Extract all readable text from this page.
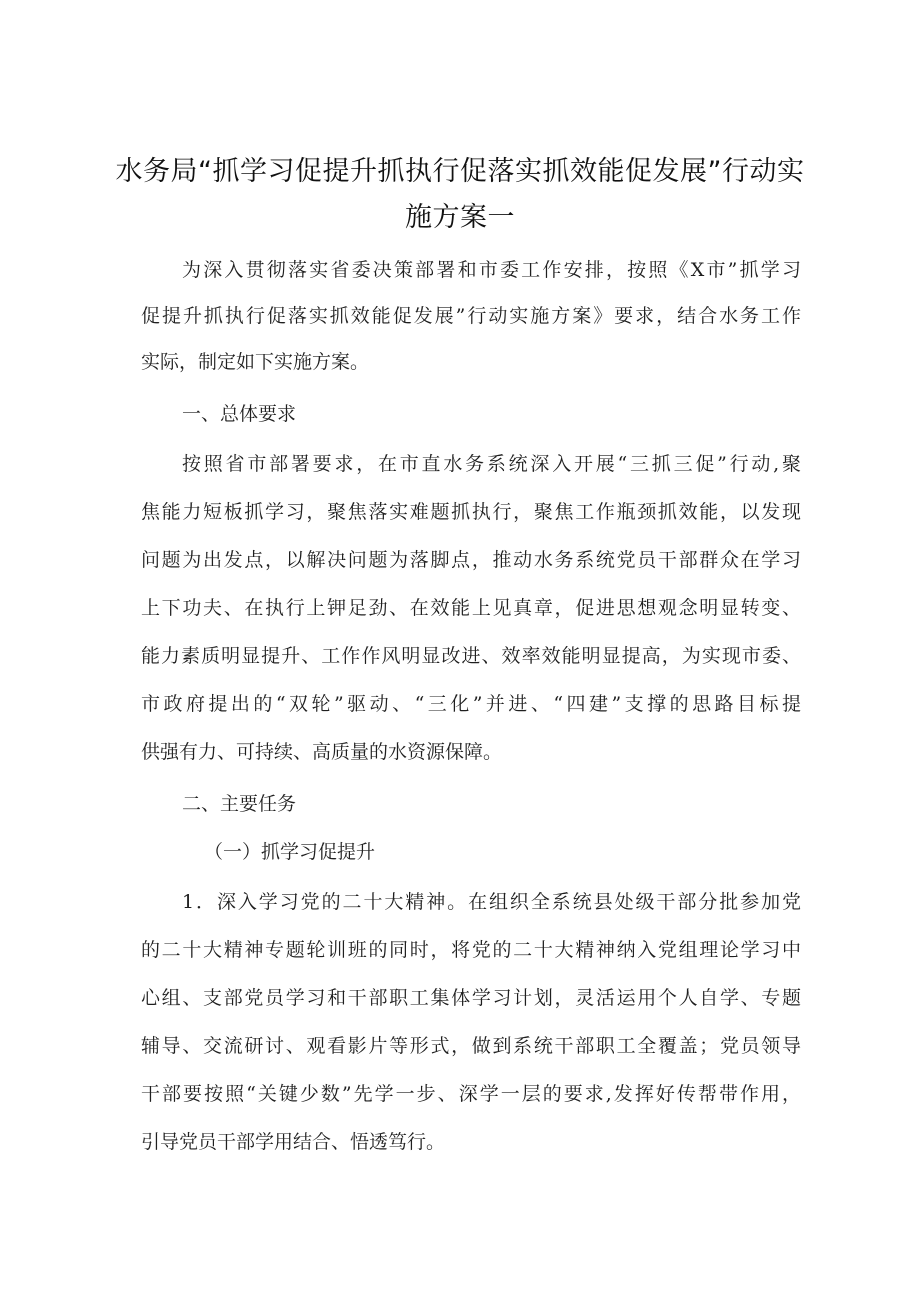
水务局“抓学习促提升抓执行促落实抓效能促发展”行动实
施方案一
为深入贯彻落实省委决策部署和市委工作安排，按照《X市”抓学习
促提升抓执行促落实抓效能促发展”行动实施方案》要求，结合水务工作
实际，制定如下实施方案。
一、总体要求
按照省市部署要求，在市直水务系统深入开展“三抓三促”行动,聚
焦能力短板抓学习，聚焦落实难题抓执行，聚焦工作瓶颈抓效能，以发现
问题为出发点，以解决问题为落脚点，推动水务系统党员干部群众在学习
上下功夫、在执行上钾足劲、在效能上见真章，促进思想观念明显转变、
能力素质明显提升、工作作风明显改进、效率效能明显提高，为实现市委、
市政府提出的“双轮”驱动、“三化”并进、“四建”支撑的思路目标提
供强有力、可持续、高质量的水资源保障。
二、主要任务
（一）抓学习促提升
1．深入学习党的二十大精神。在组织全系统县处级干部分批参加党
的二十大精神专题轮训班的同时，将党的二十大精神纳入党组理论学习中
心组、支部党员学习和干部职工集体学习计划，灵活运用个人自学、专题
辅导、交流研讨、观看影片等形式，做到系统干部职工全覆盖；党员领导
干部要按照“关键少数”先学一步、深学一层的要求,发挥好传帮带作用，
引导党员干部学用结合、悟透笃行。
